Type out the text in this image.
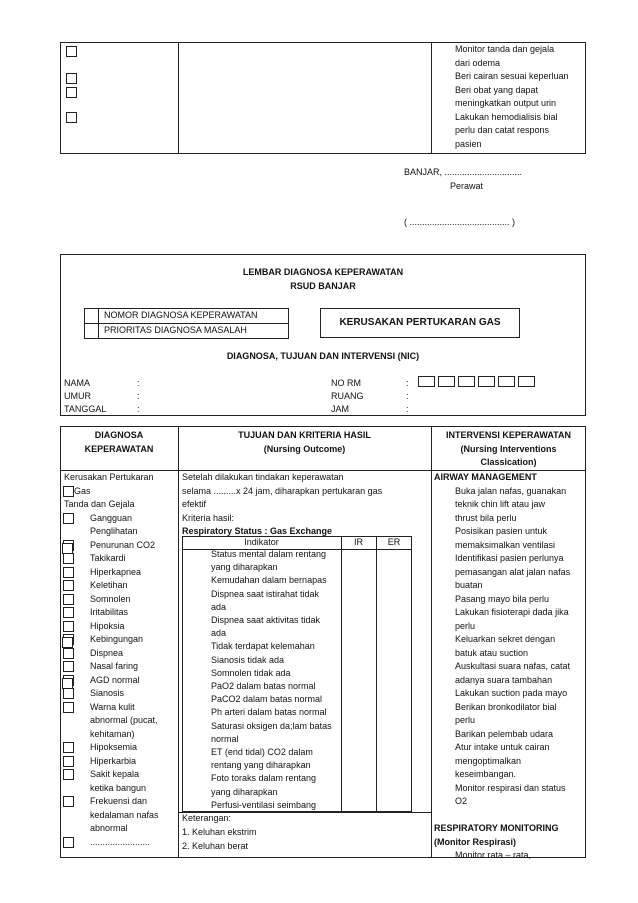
Monitor tanda dan gejala
dari odema
Beri cairan sesuai keperluan
Beri obat yang dapat
meningkatkan output urin
Lakukan hemodialisis bial
perlu dan catat respons
pasien
BANJAR, ...............................
Perawat
( ........................................ )
LEMBAR DIAGNOSA KEPERAWATAN
RSUD BANJAR
NOMOR DIAGNOSA KEPERAWATAN
PRIORITAS DIAGNOSA MASALAH
KERUSAKAN PERTUKARAN GAS
DIAGNOSA, TUJUAN DAN INTERVENSI (NIC)
NAMA
UMUR
TANGGAL
:
:
:
NO RM
RUANG
JAM
:
:
:
DIAGNOSA
KEPERAWATAN
TUJUAN DAN KRITERIA HASIL
(Nursing Outcome)
INTERVENSI KEPERAWATAN
(Nursing Interventions
Classication)
Kerusakan Pertukaran
Gas
Tanda dan Gejala
Gangguan
Penglihatan
Penurunan CO2
Takikardi
Hiperkapnea
Keletihan
Somnolen
Iritabilitas
Hipoksia
Kebingungan
Dispnea
Nasal faring
AGD normal
Sianosis
Warna kulit
abnormal (pucat,
kehitaman)
Hipoksemia
Hiperkarbia
Sakit kepala
ketika bangun
Frekuensi dan
kedalaman nafas
abnormal
........................
Setelah dilakukan tindakan keperawatan
selama .........x 24 jam, diharapkan pertukaran gas
efektif
Kriteria hasil:
Respiratory Status : Gas Exchange
Indikator	IR	ER
Status mental dalam rentang
yang diharapkan
Kemudahan dalam bernapas
Dispnea saat istirahat tidak
ada
Dispnea saat aktivitas tidak
ada
Tidak terdapat kelemahan
Sianosis tidak ada
Somnolen tidak ada
PaO2 dalam batas normal
PaCO2 dalam batas normal
Ph arteri dalam batas normal
Saturasi oksigen da;lam batas
normal
ET (end tidal) CO2 dalam
rentang yang diharapkan
Foto toraks dalam rentang
yang diharapkan
Perfusi-ventilasi seimbang
Keterangan:
1. Keluhan ekstrim
2. Keluhan berat
AIRWAY MANAGEMENT
Buka jalan nafas, guanakan
teknik chin lift atau jaw
thrust bila perlu
Posisikan pasien untuk
memaksimalkan ventilasi
Identifikasi pasien perlunya
pemasangan alat jalan nafas
buatan
Pasang mayo bila perlu
Lakukan fisioterapi dada jika
perlu
Keluarkan sekret dengan
batuk atau suction
Auskultasi suara nafas, catat
adanya suara tambahan
Lakukan suction pada mayo
Berikan bronkodilator bial
perlu
Barikan pelembab udara
Atur intake untuk cairan
mengoptimalkan
keseimbangan.
Monitor respirasi dan status
O2
RESPIRATORY MONITORING
(Monitor Respirasi)
Monitor rata – rata,
